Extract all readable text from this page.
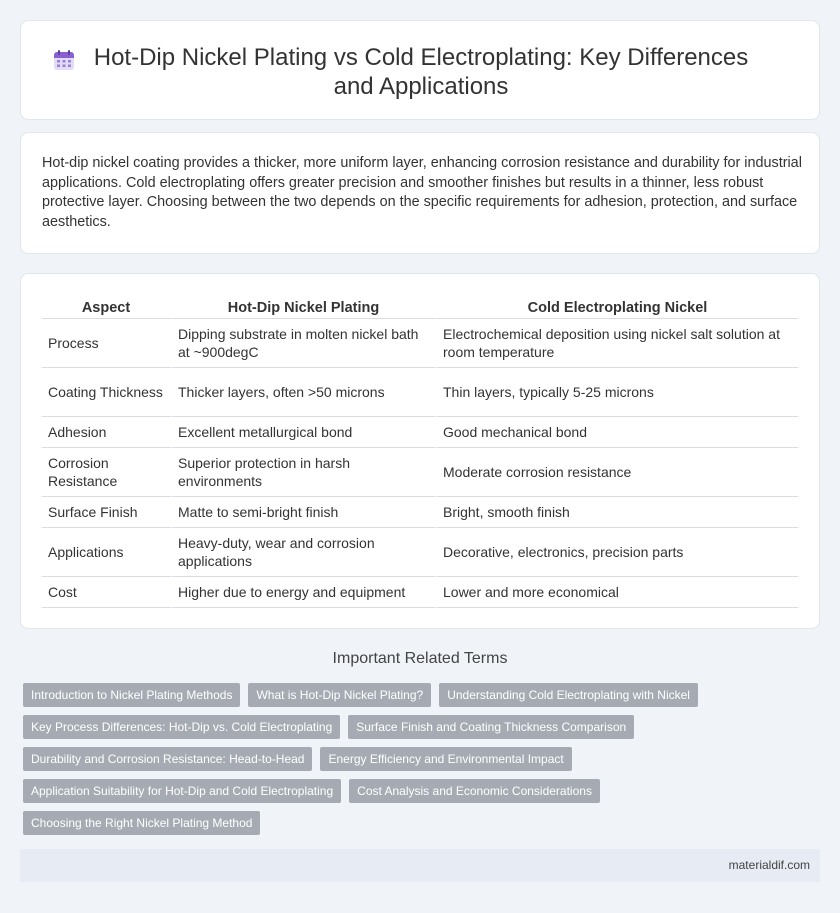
Hot-Dip Nickel Plating vs Cold Electroplating: Key Differences and Applications

Hot-dip nickel coating provides a thicker, more uniform layer, enhancing corrosion resistance and durability for industrial applications. Cold electroplating offers greater precision and smoother finishes but results in a thinner, less robust protective layer. Choosing between the two depends on the specific requirements for adhesion, protection, and surface aesthetics.

Aspect	Hot-Dip Nickel Plating	Cold Electroplating Nickel
Process	Dipping substrate in molten nickel bath at ~900degC	Electrochemical deposition using nickel salt solution at room temperature
Coating Thickness	Thicker layers, often >50 microns	Thin layers, typically 5-25 microns
Adhesion	Excellent metallurgical bond	Good mechanical bond
Corrosion Resistance	Superior protection in harsh environments	Moderate corrosion resistance
Surface Finish	Matte to semi-bright finish	Bright, smooth finish
Applications	Heavy-duty, wear and corrosion applications	Decorative, electronics, precision parts
Cost	Higher due to energy and equipment	Lower and more economical
Important Related Terms
Introduction to Nickel Plating Methods	What is Hot-Dip Nickel Plating?	Understanding Cold Electroplating with Nickel
Key Process Differences: Hot-Dip vs. Cold Electroplating	Surface Finish and Coating Thickness Comparison
Durability and Corrosion Resistance: Head-to-Head	Energy Efficiency and Environmental Impact
Application Suitability for Hot-Dip and Cold Electroplating	Cost Analysis and Economic Considerations
Choosing the Right Nickel Plating Method
materialdif.com
